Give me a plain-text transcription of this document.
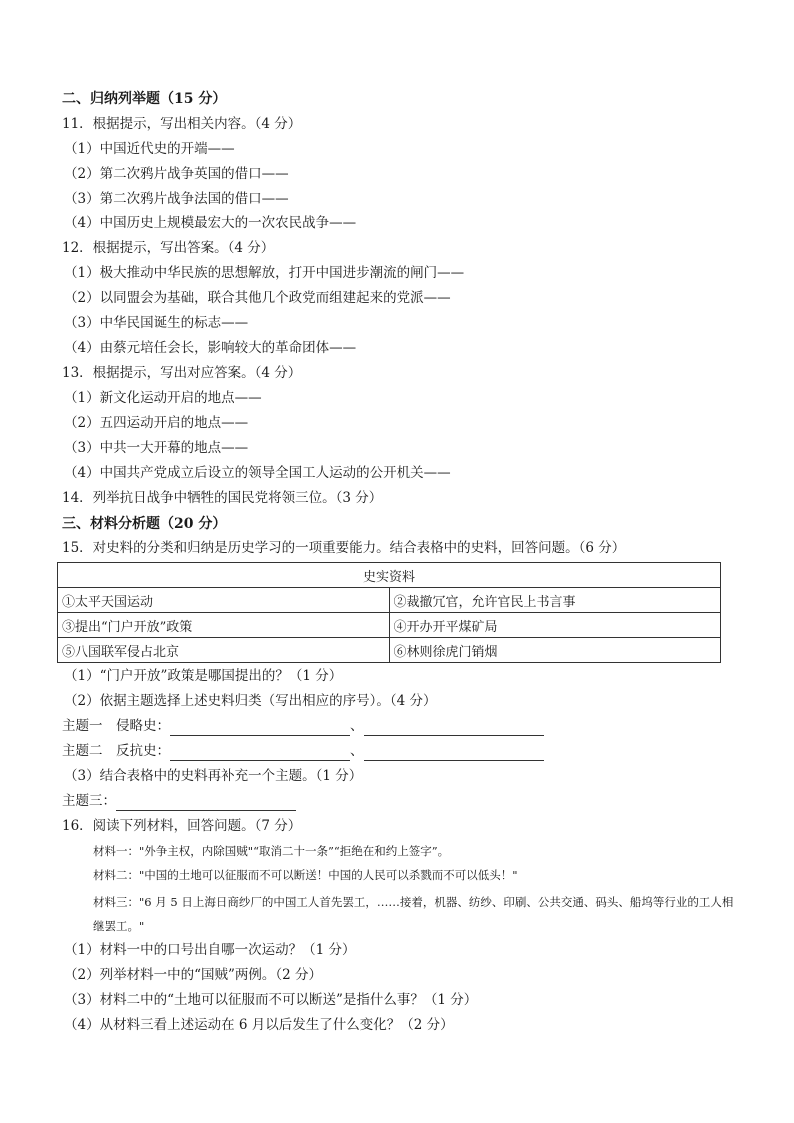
二、归纳列举题（15 分）
11．根据提示，写出相关内容。（4 分）
（1）中国近代史的开端——
（2）第二次鸦片战争英国的借口——
（3）第二次鸦片战争法国的借口——
（4）中国历史上规模最宏大的一次农民战争——
12．根据提示，写出答案。（4 分）
（1）极大推动中华民族的思想解放，打开中国进步潮流的闸门——
（2）以同盟会为基础，联合其他几个政党而组建起来的党派——
（3）中华民国诞生的标志——
（4）由蔡元培任会长，影响较大的革命团体——
13．根据提示，写出对应答案。（4 分）
（1）新文化运动开启的地点——
（2）五四运动开启的地点——
（3）中共一大开幕的地点——
（4）中国共产党成立后设立的领导全国工人运动的公开机关——
14．列举抗日战争中牺牲的国民党将领三位。（3 分）
三、材料分析题（20 分）
15．对史料的分类和归纳是历史学习的一项重要能力。结合表格中的史料，回答问题。（6 分）
史实资料	
①太平天国运动	②裁撤冗官，允许官民上书言事
③提出“门户开放”政策	④开办开平煤矿局
⑤八国联军侵占北京	⑥林则徐虎门销烟
（1）“门户开放”政策是哪国提出的？（1 分）
（2）依据主题选择上述史料归类（写出相应的序号）。（4 分）
主题一　侵略史：	、
主题二　反抗史：	、
（3）结合表格中的史料再补充一个主题。（1 分）
主题三：
16．阅读下列材料，回答问题。（7 分）
材料一："外争主权，内除国贼"“取消二十一条”“拒绝在和约上签字”。
材料二："中国的土地可以征服而不可以断送！中国的人民可以杀戮而不可以低头！"
材料三："6 月 5 日上海日商纱厂的中国工人首先罢工，……接着，机器、纺纱、印刷、公共交通、码头、船坞等行业的工人相继罢工。"
（1）材料一中的口号出自哪一次运动？（1 分）
（2）列举材料一中的“国贼”两例。（2 分）
（3）材料二中的“土地可以征服而不可以断送”是指什么事？（1 分）
（4）从材料三看上述运动在 6 月以后发生了什么变化？（2 分）
